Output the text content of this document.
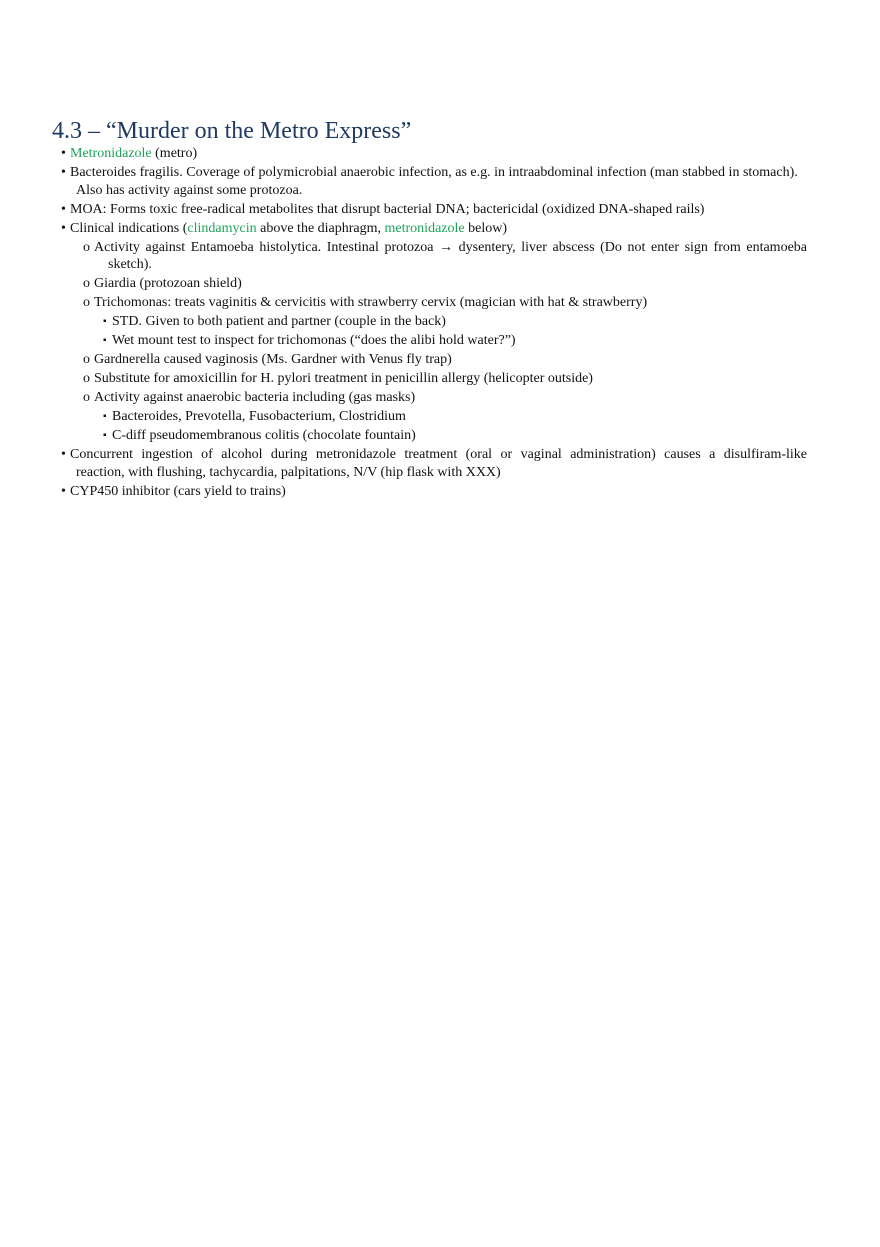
4.3 – “Murder on the Metro Express”
• Metronidazole (metro)
• Bacteroides fragilis. Coverage of polymicrobial anaerobic infection, as e.g. in intraabdominal infection (man stabbed in stomach).
Also has activity against some protozoa.
• MOA: Forms toxic free-radical metabolites that disrupt bacterial DNA; bactericidal (oxidized DNA-shaped rails)
• Clinical indications (clindamycin above the diaphragm, metronidazole below)
o Activity against Entamoeba histolytica. Intestinal protozoa → dysentery, liver abscess (Do not enter sign from entamoeba
sketch).
o Giardia (protozoan shield)
o Trichomonas: treats vaginitis & cervicitis with strawberry cervix (magician with hat & strawberry)
▪ STD. Given to both patient and partner (couple in the back)
▪ Wet mount test to inspect for trichomonas (“does the alibi hold water?”)
o Gardnerella caused vaginosis (Ms. Gardner with Venus fly trap)
o Substitute for amoxicillin for H. pylori treatment in penicillin allergy (helicopter outside)
o Activity against anaerobic bacteria including (gas masks)
▪ Bacteroides, Prevotella, Fusobacterium, Clostridium
▪ C-diff pseudomembranous colitis (chocolate fountain)
• Concurrent ingestion of alcohol during metronidazole treatment (oral or vaginal administration) causes a disulfiram-like
reaction, with flushing, tachycardia, palpitations, N/V (hip flask with XXX)
• CYP450 inhibitor (cars yield to trains)
